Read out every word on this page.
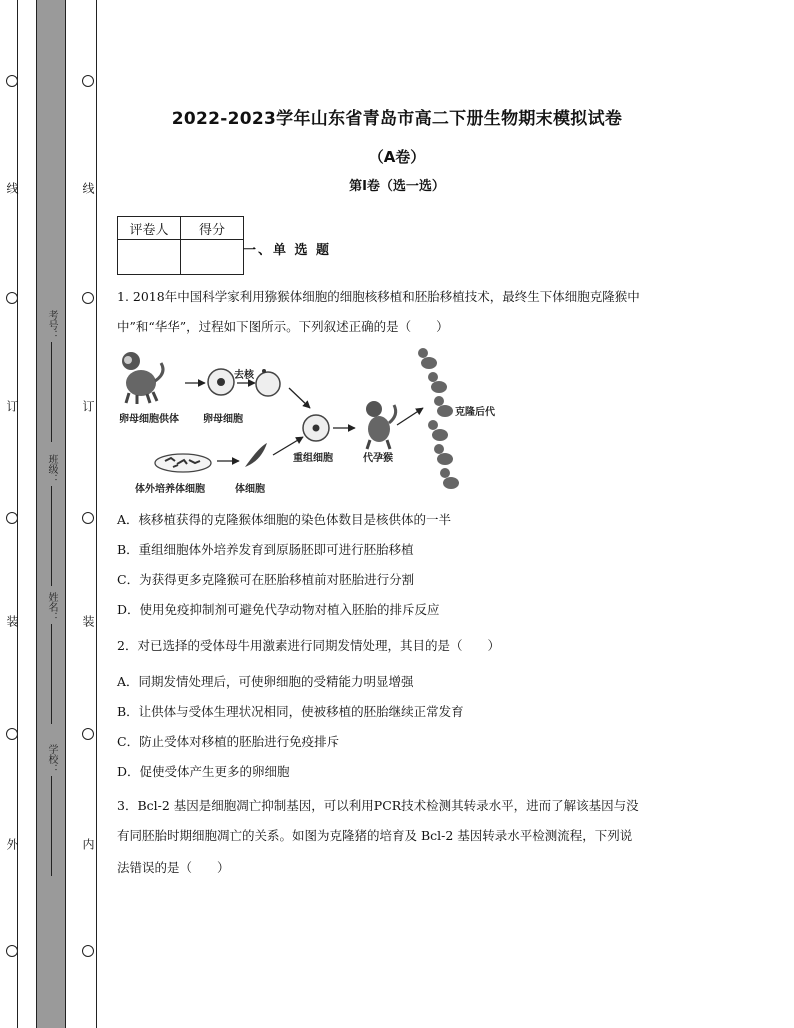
线
订
装
外
线
订
装
内
考号：
班级：
姓名：
学校：
2022-2023学年山东省青岛市高二下册生物期末模拟试卷
（A卷）
第I卷（选一选）
评卷人	得分

一、单 选 题
1. 2018年中国科学家利用猕猴体细胞的细胞核移植和胚胎移植技术，最终生下体细胞克隆猴中
中”和“华华”，过程如下图所示。下列叙述正确的是（　　）
卵母细胞供体 卵母细胞
去核
体外培养体细胞	体细胞
重组细胞	代孕猴
克隆后代
A．核移植获得的克隆猴体细胞的染色体数目是核供体的一半
B．重组细胞体外培养发育到原肠胚即可进行胚胎移植
C．为获得更多克隆猴可在胚胎移植前对胚胎进行分割
D．使用免疫抑制剂可避免代孕动物对植入胚胎的排斥反应
2．对已选择的受体母牛用激素进行同期发情处理，其目的是（　　）
A．同期发情处理后，可使卵细胞的受精能力明显增强
B．让供体与受体生理状况相同，使被移植的胚胎继续正常发育
C．防止受体对移植的胚胎进行免疫排斥
D．促使受体产生更多的卵细胞
3．Bcl-2 基因是细胞凋亡抑制基因，可以利用PCR技术检测其转录水平，进而了解该基因与没
有同胚胎时期细胞凋亡的关系。如图为克隆猪的培育及 Bcl-2 基因转录水平检测流程，下列说
法错误的是（　　）
